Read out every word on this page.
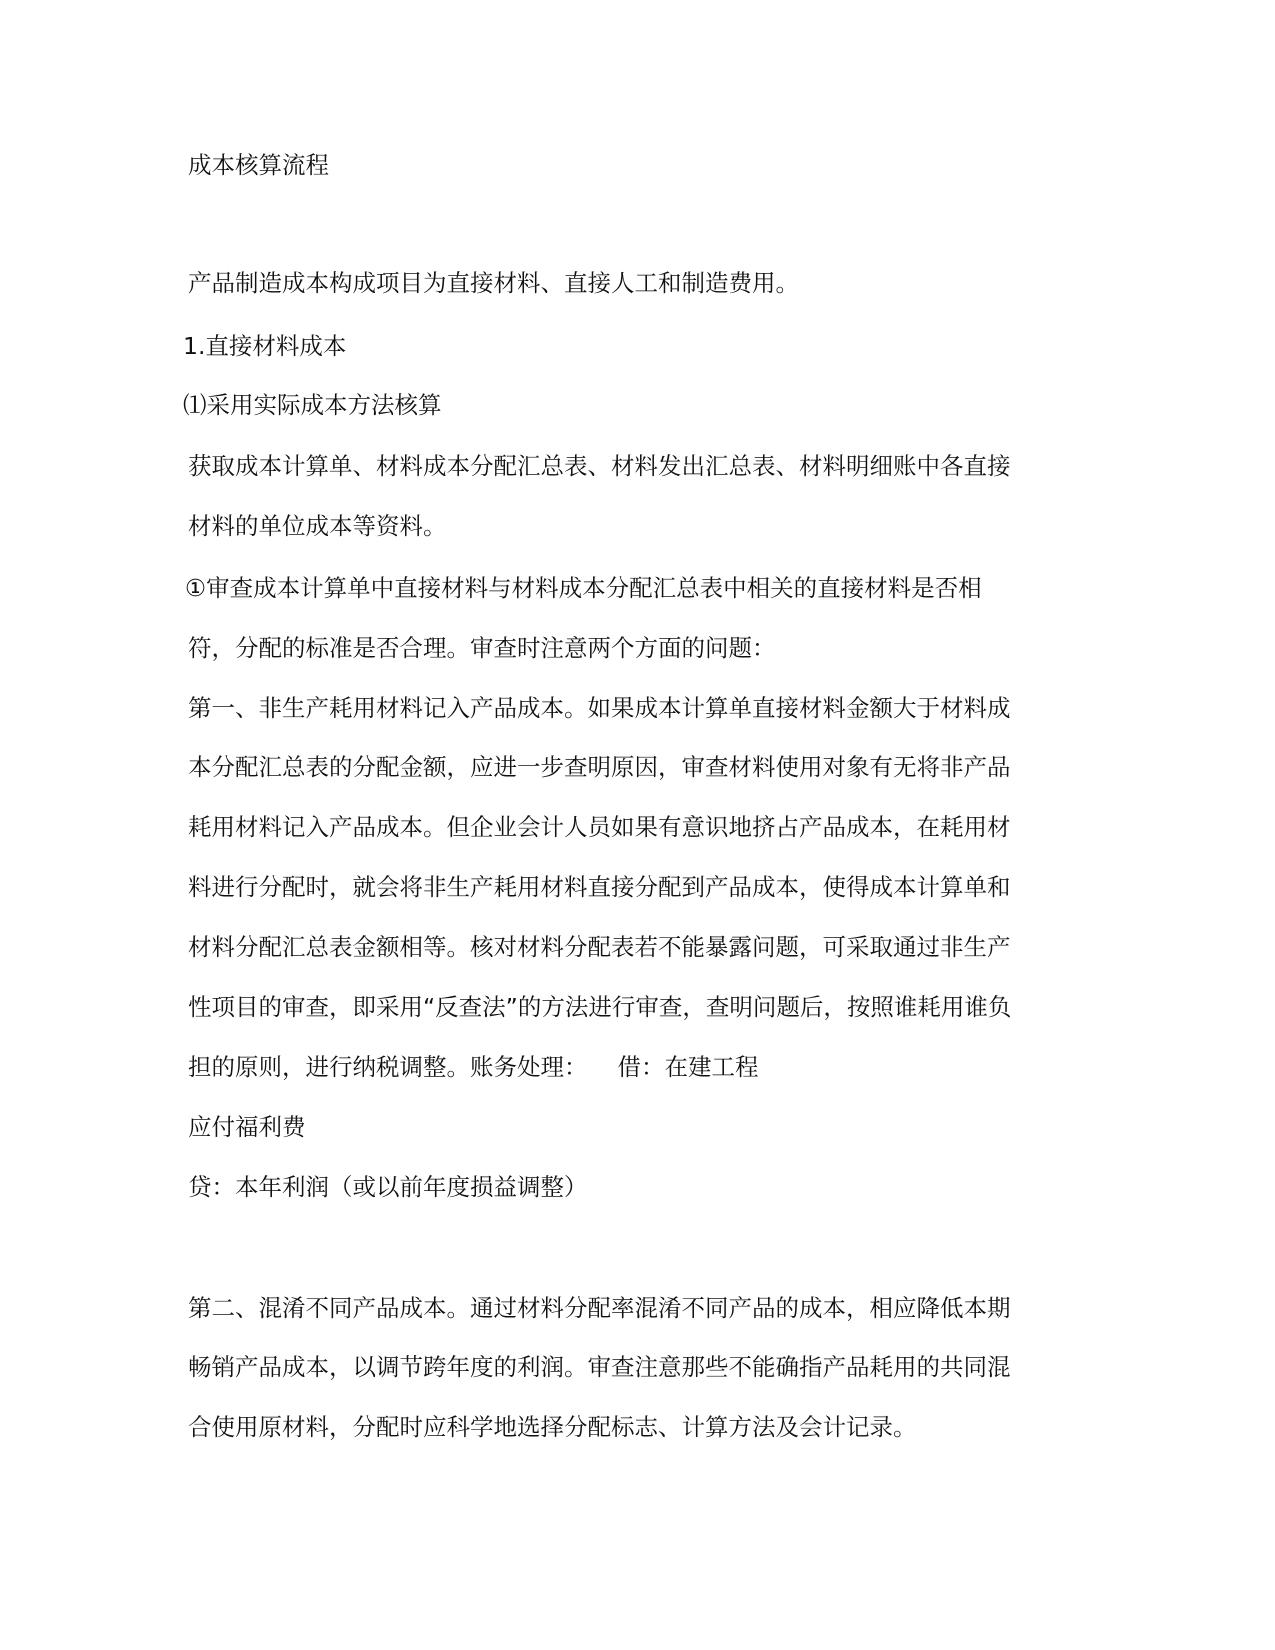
成本核算流程
产品制造成本构成项目为直接材料、直接人工和制造费用。
1.直接材料成本
⑴采用实际成本方法核算
获取成本计算单、材料成本分配汇总表、材料发出汇总表、材料明细账中各直接
材料的单位成本等资料。
①审查成本计算单中直接材料与材料成本分配汇总表中相关的直接材料是否相
符，分配的标准是否合理。审查时注意两个方面的问题：
第一、非生产耗用材料记入产品成本。如果成本计算单直接材料金额大于材料成
本分配汇总表的分配金额，应进一步查明原因，审查材料使用对象有无将非产品
耗用材料记入产品成本。但企业会计人员如果有意识地挤占产品成本，在耗用材
料进行分配时，就会将非生产耗用材料直接分配到产品成本，使得成本计算单和
材料分配汇总表金额相等。核对材料分配表若不能暴露问题，可采取通过非生产
性项目的审查，即采用“反查法”的方法进行审查，查明问题后，按照谁耗用谁负
担的原则，进行纳税调整。账务处理： 借：在建工程
应付福利费
贷：本年利润（或以前年度损益调整）
第二、混淆不同产品成本。通过材料分配率混淆不同产品的成本，相应降低本期
畅销产品成本，以调节跨年度的利润。审查注意那些不能确指产品耗用的共同混
合使用原材料，分配时应科学地选择分配标志、计算方法及会计记录。
